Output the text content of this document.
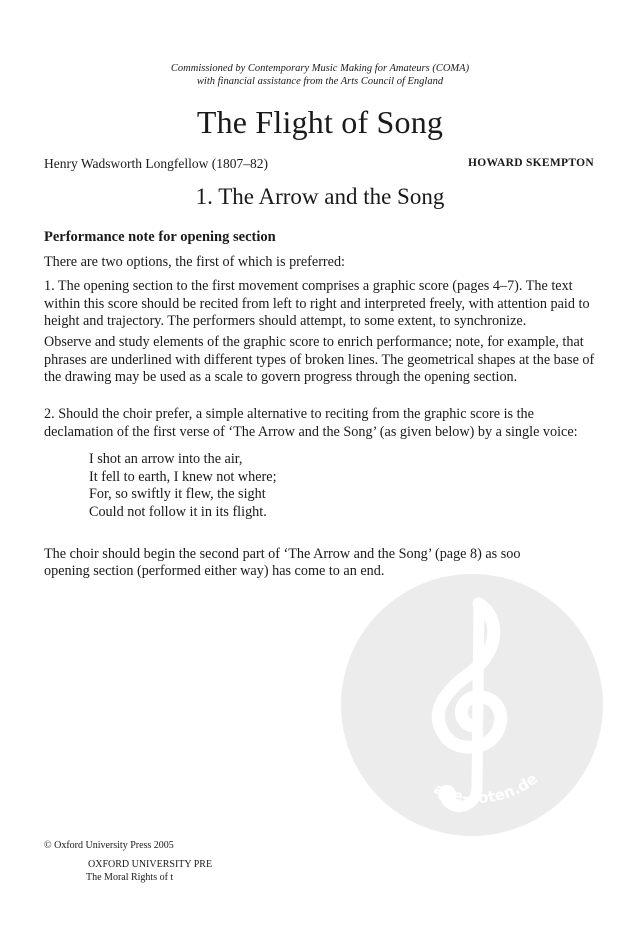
Commissioned by Contemporary Music Making for Amateurs (COMA)
with financial assistance from the Arts Council of England
The Flight of Song
Henry Wadsworth Longfellow (1807–82)	HOWARD SKEMPTON
1. The Arrow and the Song
Performance note for opening section
There are two options, the first of which is preferred:
1. The opening section to the first movement comprises a graphic score (pages 4–7). The text within this score should be recited from left to right and interpreted freely, with attention paid to height and trajectory. The performers should attempt, to some extent, to synchronize.
Observe and study elements of the graphic score to enrich performance; note, for example, that phrases are underlined with different types of broken lines. The geometrical shapes at the base of the drawing may be used as a scale to govern progress through the opening section.
2. Should the choir prefer, a simple alternative to reciting from the graphic score is the declamation of the first verse of ‘The Arrow and the Song’ (as given below) by a single voice:
I shot an arrow into the air,
It fell to earth, I knew not where;
For, so swiftly it flew, the sight
Could not follow it in its flight.
The choir should begin the second part of ‘The Arrow and the Song’ (page 8) as soo
opening section (performed either way) has come to an end.
© Oxford University Press 2005
OXFORD UNIVERSITY PRE
The Moral Rights of t
alle-noten.de
